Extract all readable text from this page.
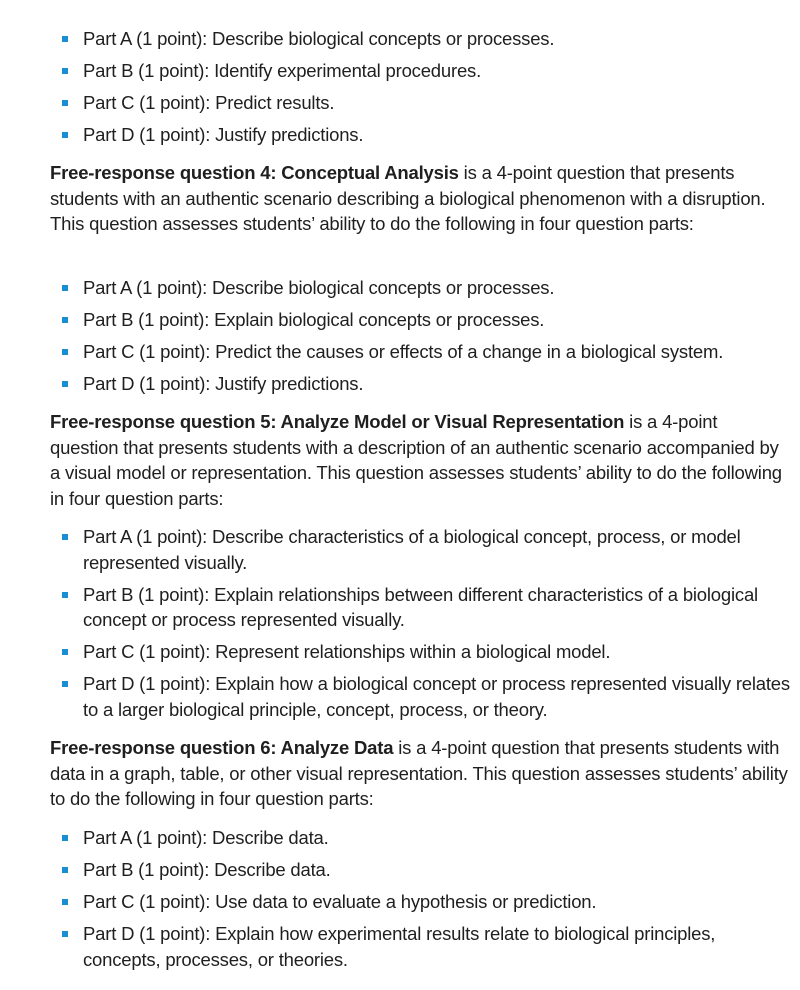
Part A (1 point): Describe biological concepts or processes.
Part B (1 point): Identify experimental procedures.
Part C (1 point): Predict results.
Part D (1 point): Justify predictions.

Free-response question 4: Conceptual Analysis is a 4-point question that presents students with an authentic scenario describing a biological phenomenon with a disruption. This question assesses students’ ability to do the following in four question parts:

Part A (1 point): Describe biological concepts or processes.
Part B (1 point): Explain biological concepts or processes.
Part C (1 point): Predict the causes or effects of a change in a biological system.
Part D (1 point): Justify predictions.

Free-response question 5: Analyze Model or Visual Representation is a 4-point question that presents students with a description of an authentic scenario accompanied by a visual model or representation. This question assesses students’ ability to do the following in four question parts:

Part A (1 point): Describe characteristics of a biological concept, process, or model represented visually.
Part B (1 point): Explain relationships between different characteristics of a biological concept or process represented visually.
Part C (1 point): Represent relationships within a biological model.
Part D (1 point): Explain how a biological concept or process represented visually relates to a larger biological principle, concept, process, or theory.

Free-response question 6: Analyze Data is a 4-point question that presents students with data in a graph, table, or other visual representation. This question assesses students’ ability to do the following in four question parts:

Part A (1 point): Describe data.
Part B (1 point): Describe data.
Part C (1 point): Use data to evaluate a hypothesis or prediction.
Part D (1 point): Explain how experimental results relate to biological principles, concepts, processes, or theories.
